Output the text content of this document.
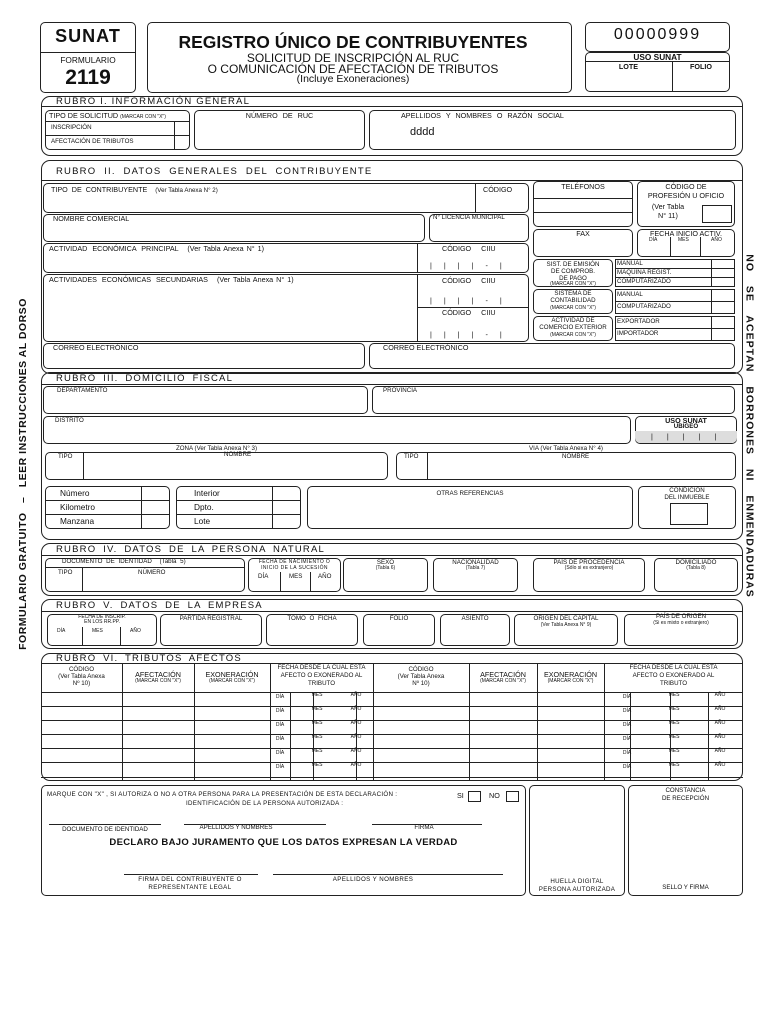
SUNAT
FORMULARIO
2119
REGISTRO ÚNICO DE CONTRIBUYENTES
SOLICITUD DE INSCRIPCIÓN AL RUC
O COMUNICACIÓN DE AFECTACIÓN DE TRIBUTOS
(Incluye Exoneraciones)
00000999
USO SUNAT
LOTE	FOLIO
FORMULARIO GRATUITO – LEER INSTRUCCIONES AL DORSO	NO SE ACEPTAN BORRONES NI ENMENDADURAS
RUBRO I. INFORMACIÓN GENERAL
TIPO DE SOLICITUD (MARCAR CON "X")
INSCRIPCIÓN
AFECTACIÓN DE TRIBUTOS
NÚMERO DE RUC	APELLIDOS Y NOMBRES O RAZÓN SOCIAL
dddd
RUBRO II. DATOS GENERALES DEL CONTRIBUYENTE
TIPO DE CONTRIBUYENTE (Ver Tabla Anexa N° 2)	CÓDIGO	TELÉFONOS	CÓDIGO DE
PROFESIÓN U OFICIO
(Ver Tabla
N° 11)
NOMBRE COMERCIAL	N° LICENCIA MUNICIPAL
FAX	FECHA INICIO ACTIV.
DÍA	MES	AÑO
ACTIVIDAD ECONÓMICA PRINCIPAL (Ver Tabla Anexa N° 1)	CÓDIGO CIIU
||||-|
ACTIVIDADES ECONÓMICAS SECUNDARIAS (Ver Tabla Anexa N° 1)	CÓDIGO CIIU
||||-|
CÓDIGO CIIU
||||-|
SIST. DE EMISIÓN
DE COMPROB.
DE PAGO
(MARCAR CON "X")
MANUAL
MAQUINA REGIST.
COMPUTARIZADO
SISTEMA DE
CONTABILIDAD
(MARCAR CON "X")
MANUAL
COMPUTARIZADO
ACTIVIDAD DE
COMERCIO EXTERIOR
(MARCAR CON "X")
EXPORTADOR
IMPORTADOR
CORREO ELECTRÓNICO	CORREO ELECTRÓNICO
RUBRO III. DOMICILIO FISCAL
DEPARTAMENTO	PROVINCIA
DISTRITO	USO SUNAT
UBIGEO
|||||
ZONA (Ver Tabla Anexa N° 3)
TIPO	NOMBRE
VIA (Ver Tabla Anexa N° 4)
TIPO	NOMBRE
Número
Kilometro
Manzana
Interior
Dpto.
Lote
OTRAS REFERENCIAS	CONDICIÓN
DEL INMUEBLE
RUBRO IV. DATOS DE LA PERSONA NATURAL
DOCUMENTO DE IDENTIDAD (Tabla 5)
TIPO	NÚMERO
FECHA DE NACIMIENTO O
INICIO DE LA SUCESIÓN
DÍA	MES	AÑO
SEXO
(Tabla 6)
NACIONALIDAD
(Tabla 7)
PAÍS DE PROCEDENCIA
(Sólo si es extranjero)
DOMICILIADO
(Tabla 8)
RUBRO V. DATOS DE LA EMPRESA
FECHA DE INSCRIP.
EN LOS RR.PP.
DÍA	MES	AÑO
PARTIDA REGISTRAL	TOMO O FICHA	FOLIO	ASIENTO	ORIGEN DEL CAPITAL
(Ver Tabla Anexa N° 9)
PAÍS DE ORIGEN
(Si es mixto o extranjero)
RUBRO VI. TRIBUTOS AFECTOS
CÓDIGO
(Ver Tabla Anexa
Nº 10)
AFECTACIÓN
(MARCAR CON "X")
EXONERACIÓN
(MARCAR CON "X")
FECHA DESDE LA CUAL ESTA
AFECTO O EXONERADO AL
TRIBUTO
CÓDIGO
(Ver Tabla Anexa
Nº 10)
AFECTACIÓN
(MARCAR CON "X")
EXONERACIÓN
(MARCAR CON "X")
FECHA DESDE LA CUAL ESTA
AFECTO O EXONERADO AL
TRIBUTO
DÍA	MES	AÑO	DÍA	MES	AÑO
DÍA	MES	AÑO	DÍA	MES	AÑO
DÍA	MES	AÑO	DÍA	MES	AÑO
DÍA	MES	AÑO	DÍA	MES	AÑO
DÍA	MES	AÑO	DÍA	MES	AÑO
DÍA	MES	AÑO	DÍA	MES	AÑO
MARQUE CON "X" , SI AUTORIZA O NO A OTRA PERSONA PARA LA PRESENTACIÓN DE ESTA DECLARACIÓN :	SI	NO
IDENTIFICACIÓN DE LA PERSONA AUTORIZADA :
DOCUMENTO DE IDENTIDAD	APELLIDOS Y NOMBRES	FIRMA
DECLARO BAJO JURAMENTO QUE LOS DATOS EXPRESAN LA VERDAD
FIRMA DEL CONTRIBUYENTE O
REPRESENTANTE LEGAL
APELLIDOS Y NOMBRES	HUELLA DIGITAL
PERSONA AUTORIZADA
CONSTANCIA
DE RECEPCIÓN
SELLO Y FIRMA
